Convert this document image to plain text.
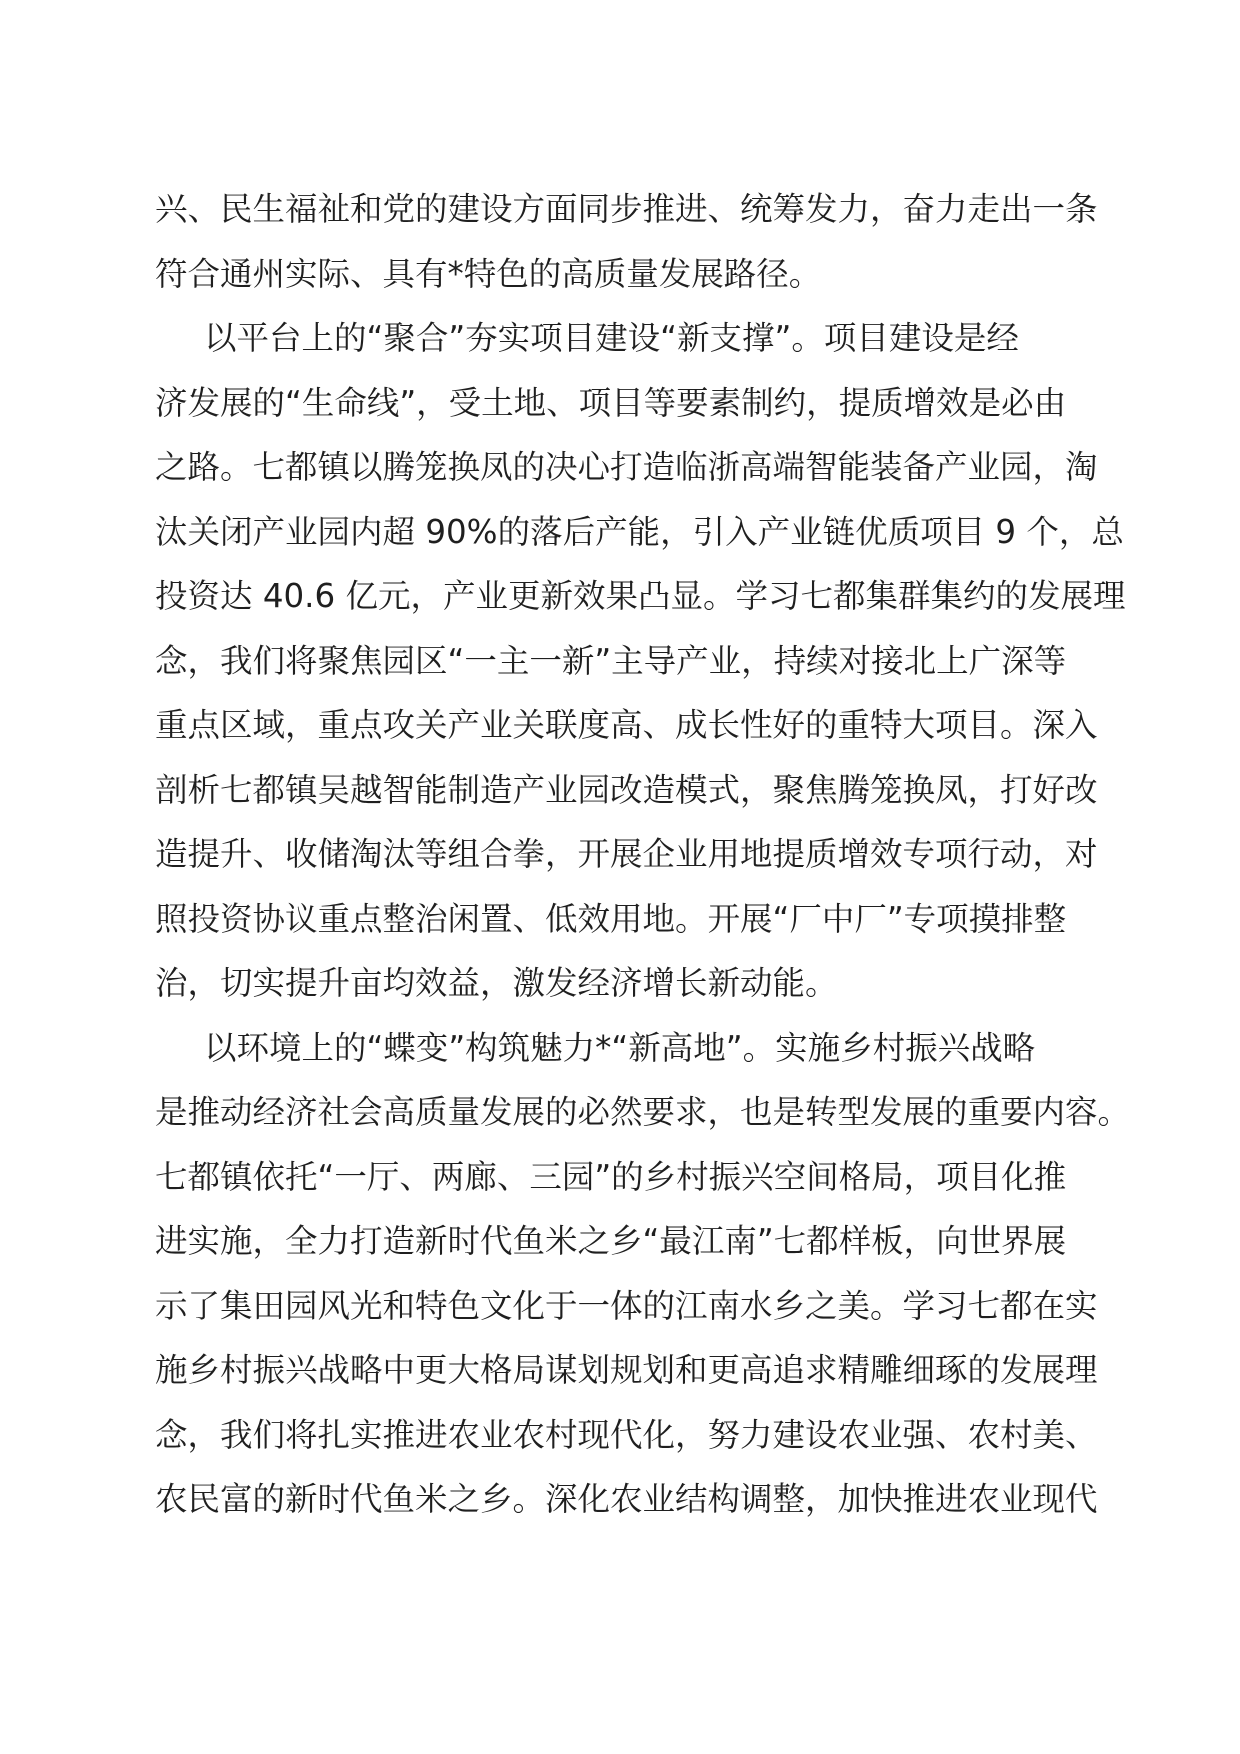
兴、民生福祉和党的建设方面同步推进、统筹发力，奋力走出一条
符合通州实际、具有*特色的高质量发展路径。
以平台上的“聚合”夯实项目建设“新支撑”。项目建设是经
济发展的“生命线”，受土地、项目等要素制约，提质增效是必由
之路。七都镇以腾笼换凤的决心打造临浙高端智能装备产业园，淘
汰关闭产业园内超 90%的落后产能，引入产业链优质项目 9 个，总
投资达 40.6 亿元，产业更新效果凸显。学习七都集群集约的发展理
念，我们将聚焦园区“一主一新”主导产业，持续对接北上广深等
重点区域，重点攻关产业关联度高、成长性好的重特大项目。深入
剖析七都镇吴越智能制造产业园改造模式，聚焦腾笼换凤，打好改
造提升、收储淘汰等组合拳，开展企业用地提质增效专项行动，对
照投资协议重点整治闲置、低效用地。开展“厂中厂”专项摸排整
治，切实提升亩均效益，激发经济增长新动能。
以环境上的“蝶变”构筑魅力*“新高地”。实施乡村振兴战略
是推动经济社会高质量发展的必然要求，也是转型发展的重要内容。
七都镇依托“一厅、两廊、三园”的乡村振兴空间格局，项目化推
进实施，全力打造新时代鱼米之乡“最江南”七都样板，向世界展
示了集田园风光和特色文化于一体的江南水乡之美。学习七都在实
施乡村振兴战略中更大格局谋划规划和更高追求精雕细琢的发展理
念，我们将扎实推进农业农村现代化，努力建设农业强、农村美、
农民富的新时代鱼米之乡。深化农业结构调整，加快推进农业现代
